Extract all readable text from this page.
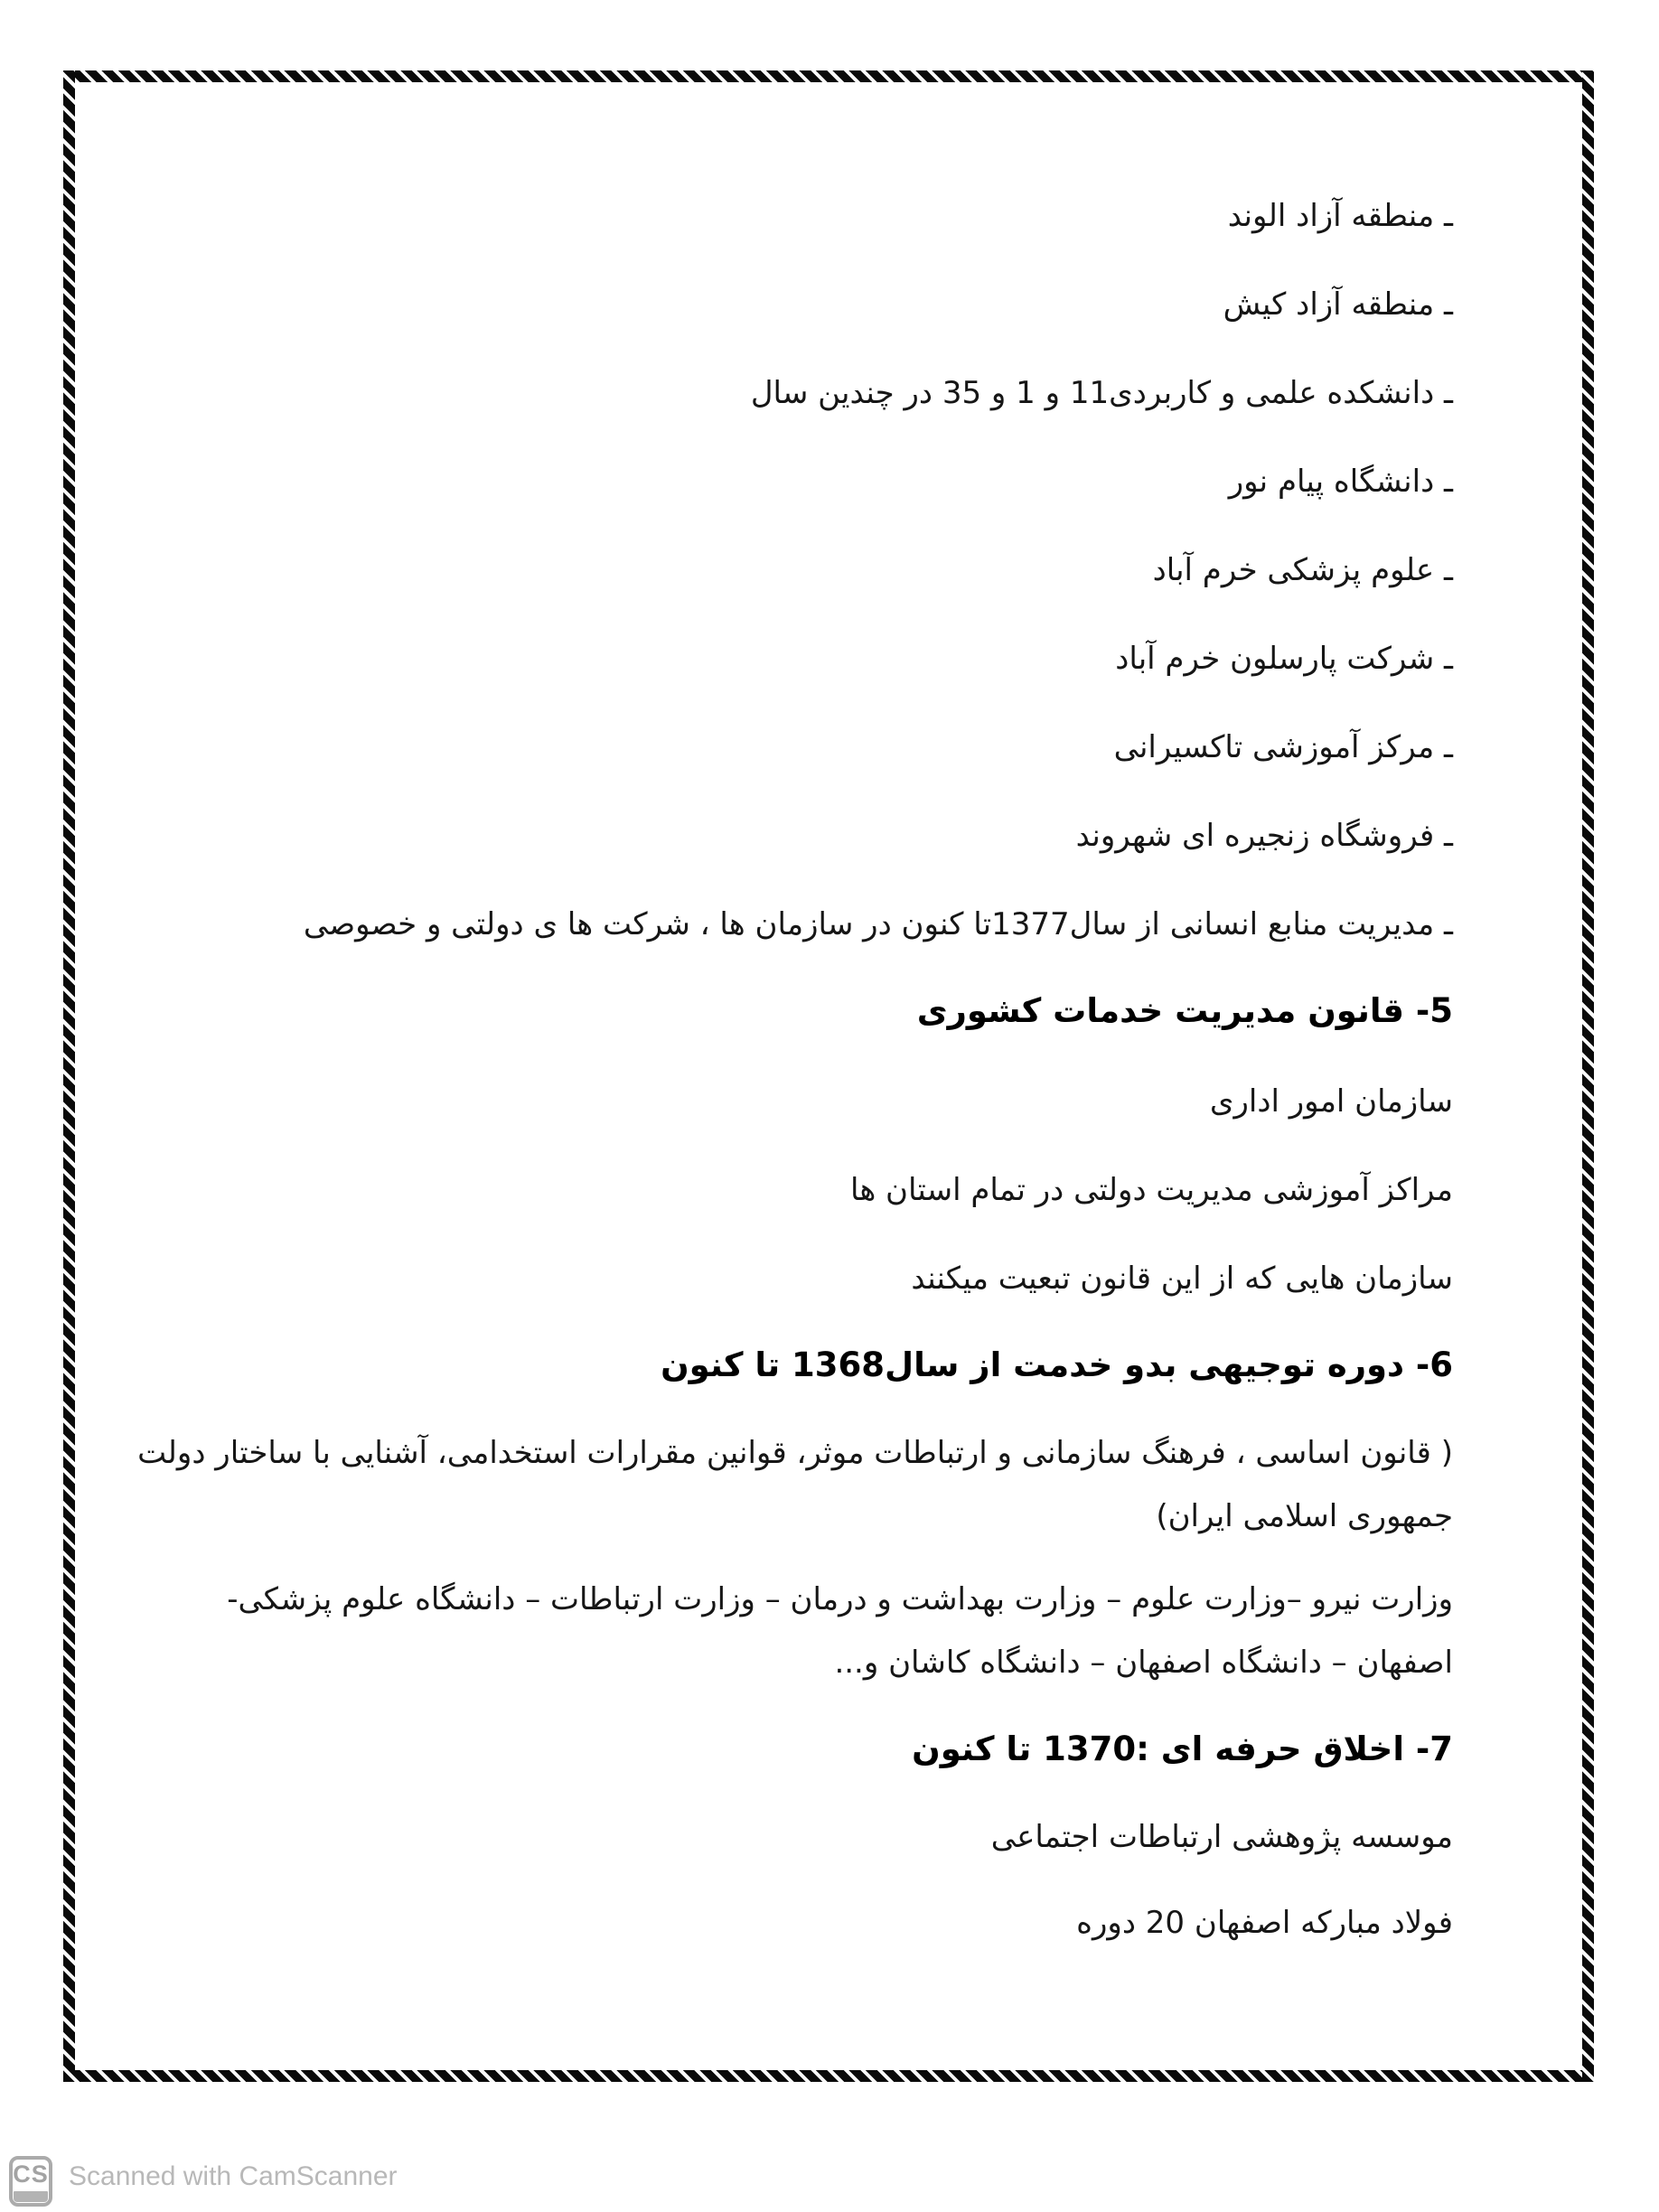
ـ منطقه آزاد الوند
ـ منطقه آزاد کیش
ـ دانشکده علمی و کاربردی11 و 1 و 35 در چندین سال
ـ دانشگاه پیام نور
ـ علوم پزشکی خرم آباد
ـ شرکت پارسلون خرم آباد
ـ مرکز آموزشی تاکسیرانی
ـ فروشگاه زنجیره ای شهروند
ـ مدیریت منابع انسانی از سال1377تا کنون در سازمان ها ، شرکت ها ی دولتی و خصوصی
5- قانون مدیریت خدمات کشوری
سازمان امور اداری
مراکز آموزشی مدیریت دولتی در تمام استان ها
سازمان هایی که از این قانون تبعیت میکنند
6- دوره توجیهی بدو خدمت از سال1368 تا کنون
( قانون اساسی ، فرهنگ سازمانی و ارتباطات موثر، قوانین مقرارات استخدامی، آشنایی با ساختار دولت
جمهوری اسلامی ایران)
وزارت نیرو –وزارت علوم – وزارت بهداشت و درمان – وزارت ارتباطات – دانشگاه علوم پزشکی-
اصفهان – دانشگاه اصفهان – دانشگاه کاشان و...
7- اخلاق حرفه ای :1370 تا کنون
موسسه پژوهشی ارتباطات اجتماعی
فولاد مبارکه اصفهان 20 دوره
CS Scanned with CamScanner
